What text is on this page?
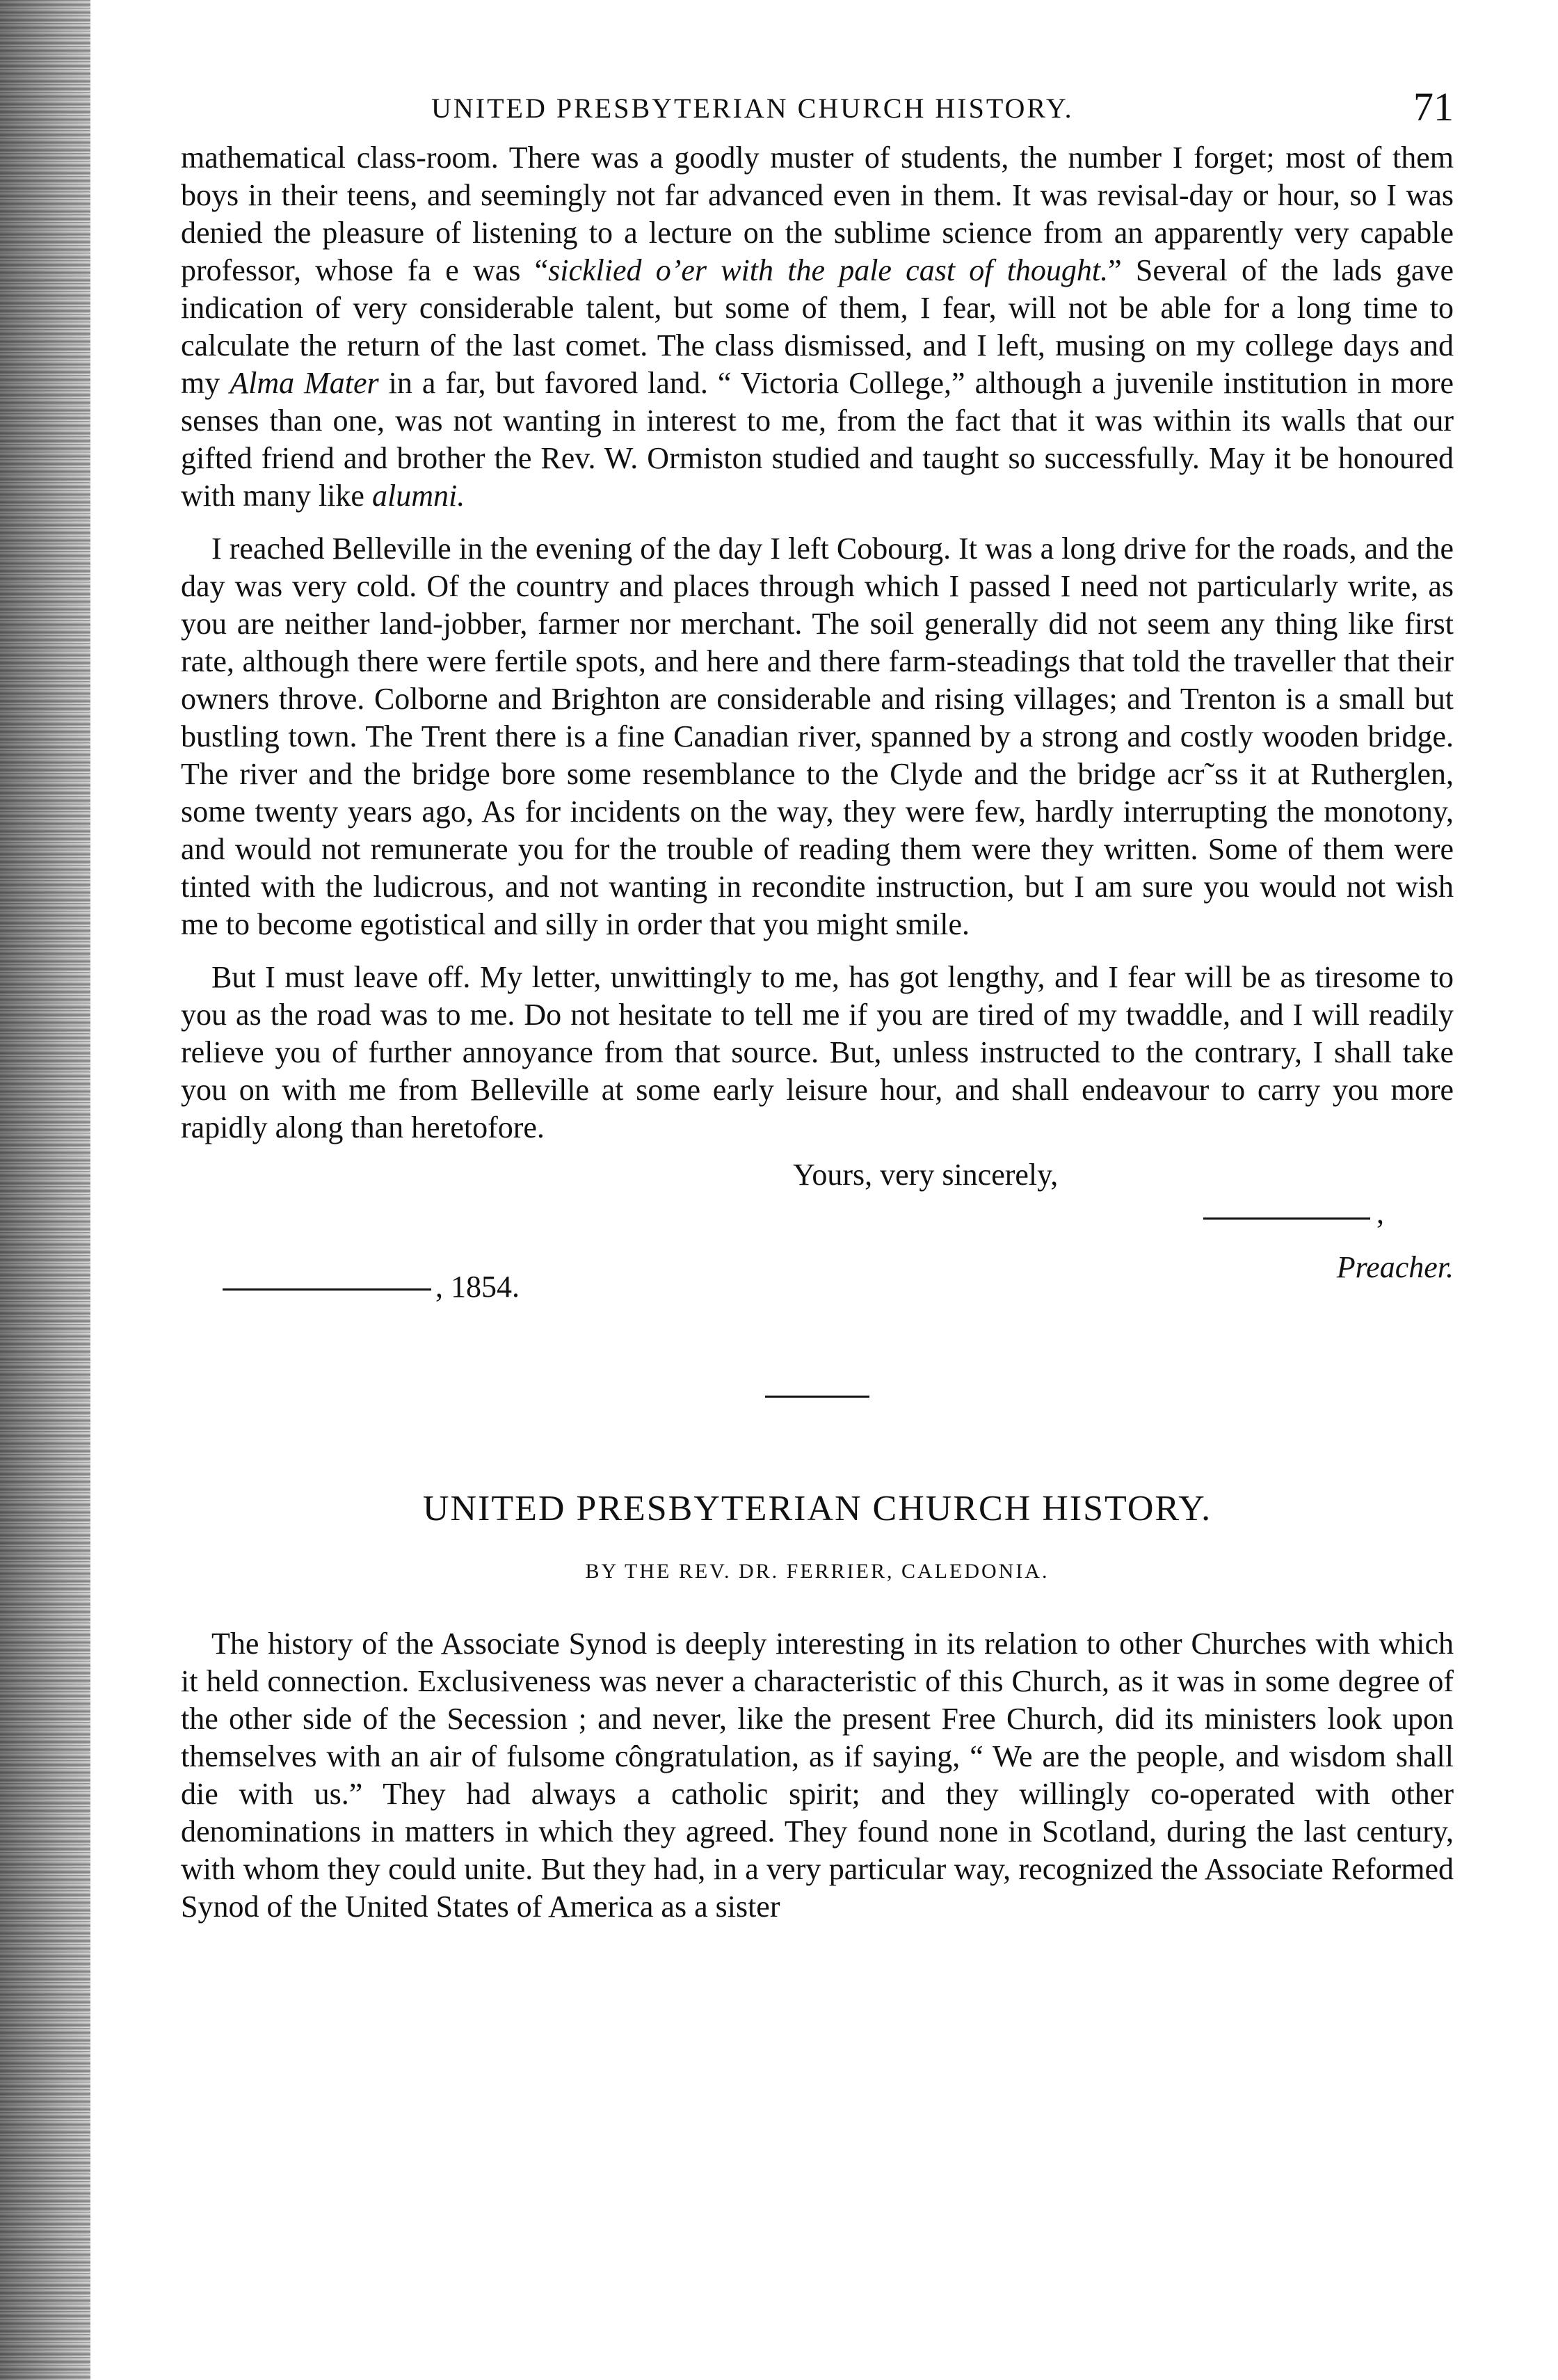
UNITED PRESBYTERIAN CHURCH HISTORY.	71

mathematical class-room. There was a goodly muster of students, the number I forget; most of them boys in their teens, and seemingly not far advanced even in them. It was revisal-day or hour, so I was denied the pleasure of listening to a lecture on the sublime science from an apparently very capable professor, whose fa e was “sicklied o’er with the pale cast of thought.” Several of the lads gave indication of very considerable talent, but some of them, I fear, will not be able for a long time to calculate the return of the last comet. The class dismissed, and I left, musing on my college days and my Alma Mater in a far, but favored land. “ Victoria College,” although a juvenile institution in more senses than one, was not wanting in interest to me, from the fact that it was within its walls that our gifted friend and brother the Rev. W. Ormiston studied and taught so successfully. May it be honoured with many like alumni.

I reached Belleville in the evening of the day I left Cobourg. It was a long drive for the roads, and the day was very cold. Of the country and places through which I passed I need not particularly write, as you are neither land-jobber, farmer nor merchant. The soil generally did not seem any thing like first rate, although there were fertile spots, and here and there farm-steadings that told the traveller that their owners throve. Colborne and Brighton are considerable and rising villages; and Trenton is a small but bustling town. The Trent there is a fine Canadian river, spanned by a strong and costly wooden bridge. The river and the bridge bore some resemblance to the Clyde and the bridge acr˜ss it at Rutherglen, some twenty years ago, As for incidents on the way, they were few, hardly interrupting the monotony, and would not remunerate you for the trouble of reading them were they written. Some of them were tinted with the ludicrous, and not wanting in recondite instruction, but I am sure you would not wish me to become egotistical and silly in order that you might smile.

But I must leave off. My letter, unwittingly to me, has got lengthy, and I fear will be as tiresome to you as the road was to me. Do not hesitate to tell me if you are tired of my twaddle, and I will readily relieve you of further annoyance from that source. But, unless instructed to the contrary, I shall take you on with me from Belleville at some early leisure hour, and shall endeavour to carry you more rapidly along than heretofore.

Yours, very sincerely,
,
Preacher.
, 1854.
UNITED PRESBYTERIAN CHURCH HISTORY.
BY THE REV. DR. FERRIER, CALEDONIA.

The history of the Associate Synod is deeply interesting in its relation to other Churches with which it held connection. Exclusiveness was never a characteristic of this Church, as it was in some degree of the other side of the Secession ; and never, like the present Free Church, did its ministers look upon themselves with an air of fulsome côngratulation, as if saying, “ We are the people, and wisdom shall die with us.” They had always a catholic spirit; and they willingly co-operated with other denominations in matters in which they agreed. They found none in Scotland, during the last century, with whom they could unite. But they had, in a very particular way, recognized the Associate Reformed Synod of the United States of America as a sister
